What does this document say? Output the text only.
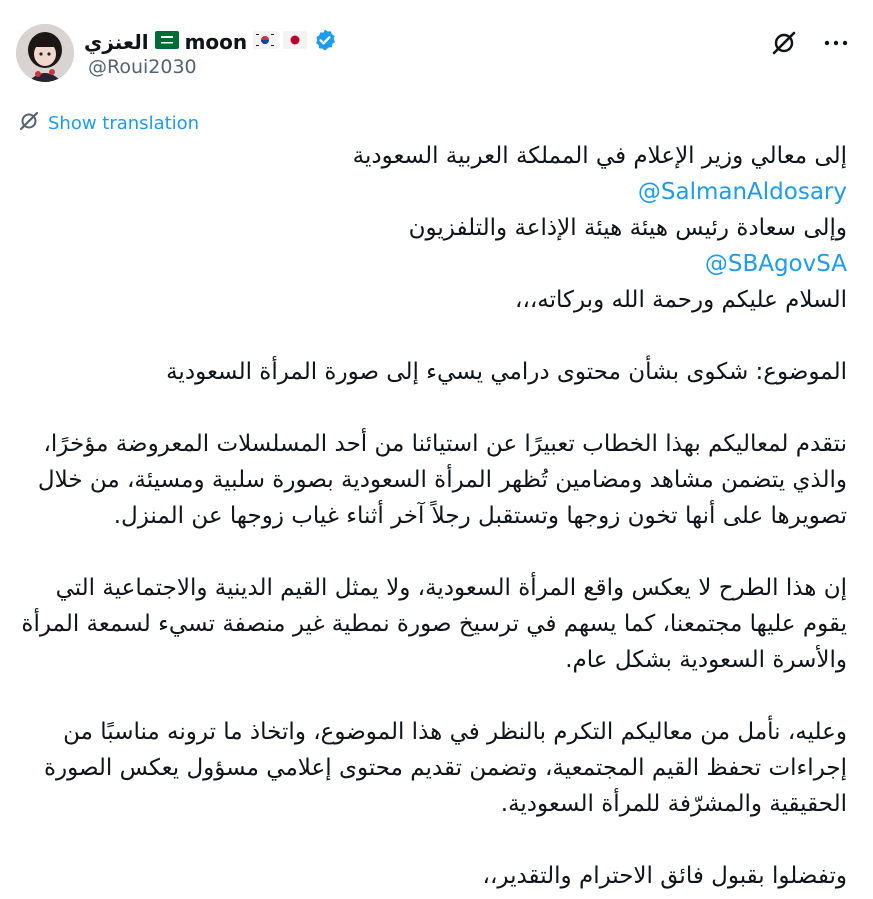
العنزي moon
@Roui2030
Show translation

إلى معالي وزير الإعلام في المملكة العربية السعودية

@SalmanAldosary

وإلى سعادة رئيس هيئة هيئة الإذاعة والتلفزيون

@SBAgovSA

السلام عليكم ورحمة الله وبركاته،،،

الموضوع: شكوى بشأن محتوى درامي يسيء إلى صورة المرأة السعودية

نتقدم لمعاليكم بهذا الخطاب تعبيرًا عن استيائنا من أحد المسلسلات المعروضة مؤخرًا، والذي يتضمن مشاهد ومضامين تُظهر المرأة السعودية بصورة سلبية ومسيئة، من خلال تصويرها على أنها تخون زوجها وتستقبل رجلاً آخر أثناء غياب زوجها عن المنزل.

إن هذا الطرح لا يعكس واقع المرأة السعودية، ولا يمثل القيم الدينية والاجتماعية التي يقوم عليها مجتمعنا، كما يسهم في ترسيخ صورة نمطية غير منصفة تسيء لسمعة المرأة والأسرة السعودية بشكل عام.

وعليه، نأمل من معاليكم التكرم بالنظر في هذا الموضوع، واتخاذ ما ترونه مناسبًا من إجراءات تحفظ القيم المجتمعية، وتضمن تقديم محتوى إعلامي مسؤول يعكس الصورة الحقيقية والمشرّفة للمرأة السعودية.

وتفضلوا بقبول فائق الاحترام والتقدير،،
